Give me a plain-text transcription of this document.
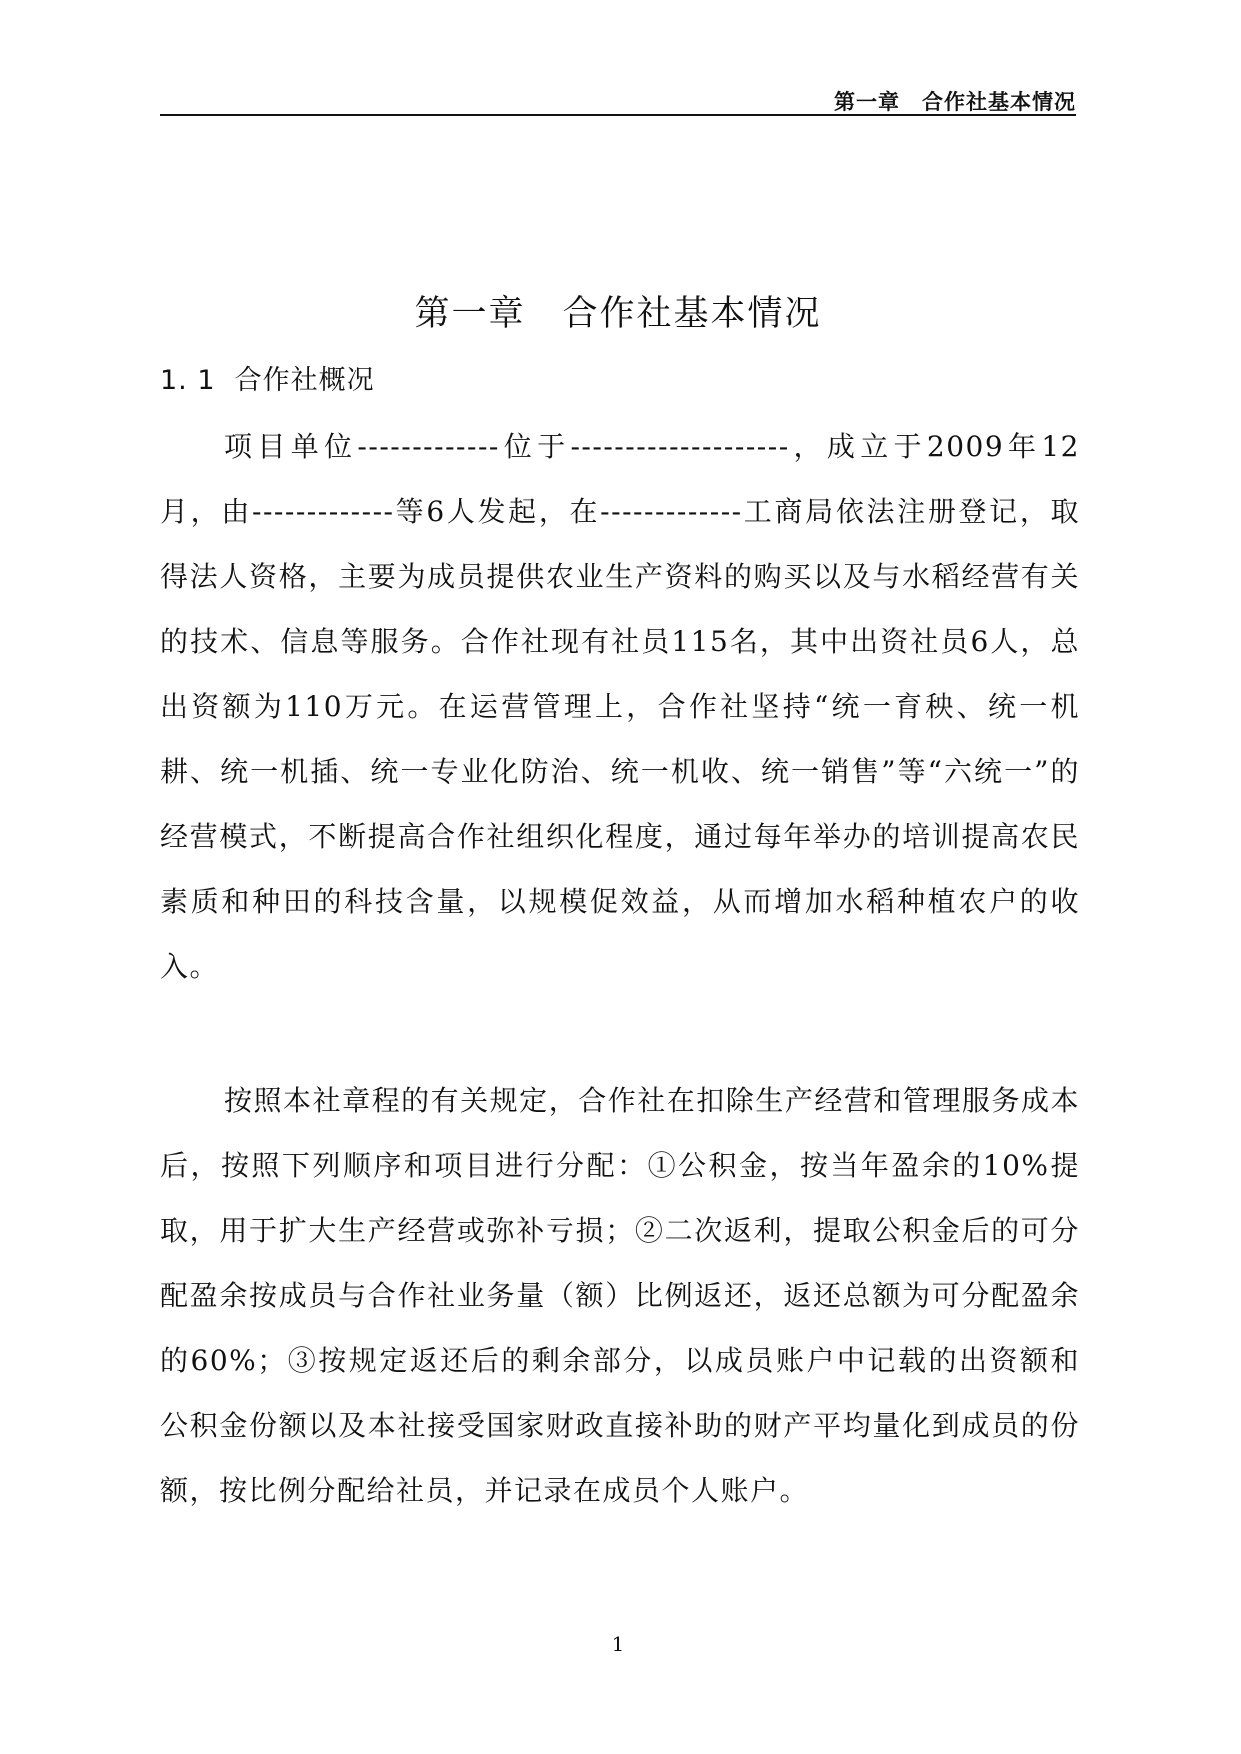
第一章　合作社基本情况
第一章　合作社基本情况
1. 1  合作社概况

项目单位-------------位于--------------------，成立于2009年12月，由-------------等6人发起，在-------------工商局依法注册登记，取得法人资格，主要为成员提供农业生产资料的购买以及与水稻经营有关的技术、信息等服务。合作社现有社员115名，其中出资社员6人，总出资额为110万元。在运营管理上，合作社坚持“统一育秧、统一机耕、统一机插、统一专业化防治、统一机收、统一销售”等“六统一”的经营模式，不断提高合作社组织化程度，通过每年举办的培训提高农民素质和种田的科技含量，以规模促效益，从而增加水稻种植农户的收入。

按照本社章程的有关规定，合作社在扣除生产经营和管理服务成本后，按照下列顺序和项目进行分配：①公积金，按当年盈余的10%提取，用于扩大生产经营或弥补亏损；②二次返利，提取公积金后的可分配盈余按成员与合作社业务量（额）比例返还，返还总额为可分配盈余的60%；③按规定返还后的剩余部分，以成员账户中记载的出资额和公积金份额以及本社接受国家财政直接补助的财产平均量化到成员的份额，按比例分配给社员，并记录在成员个人账户。

1
